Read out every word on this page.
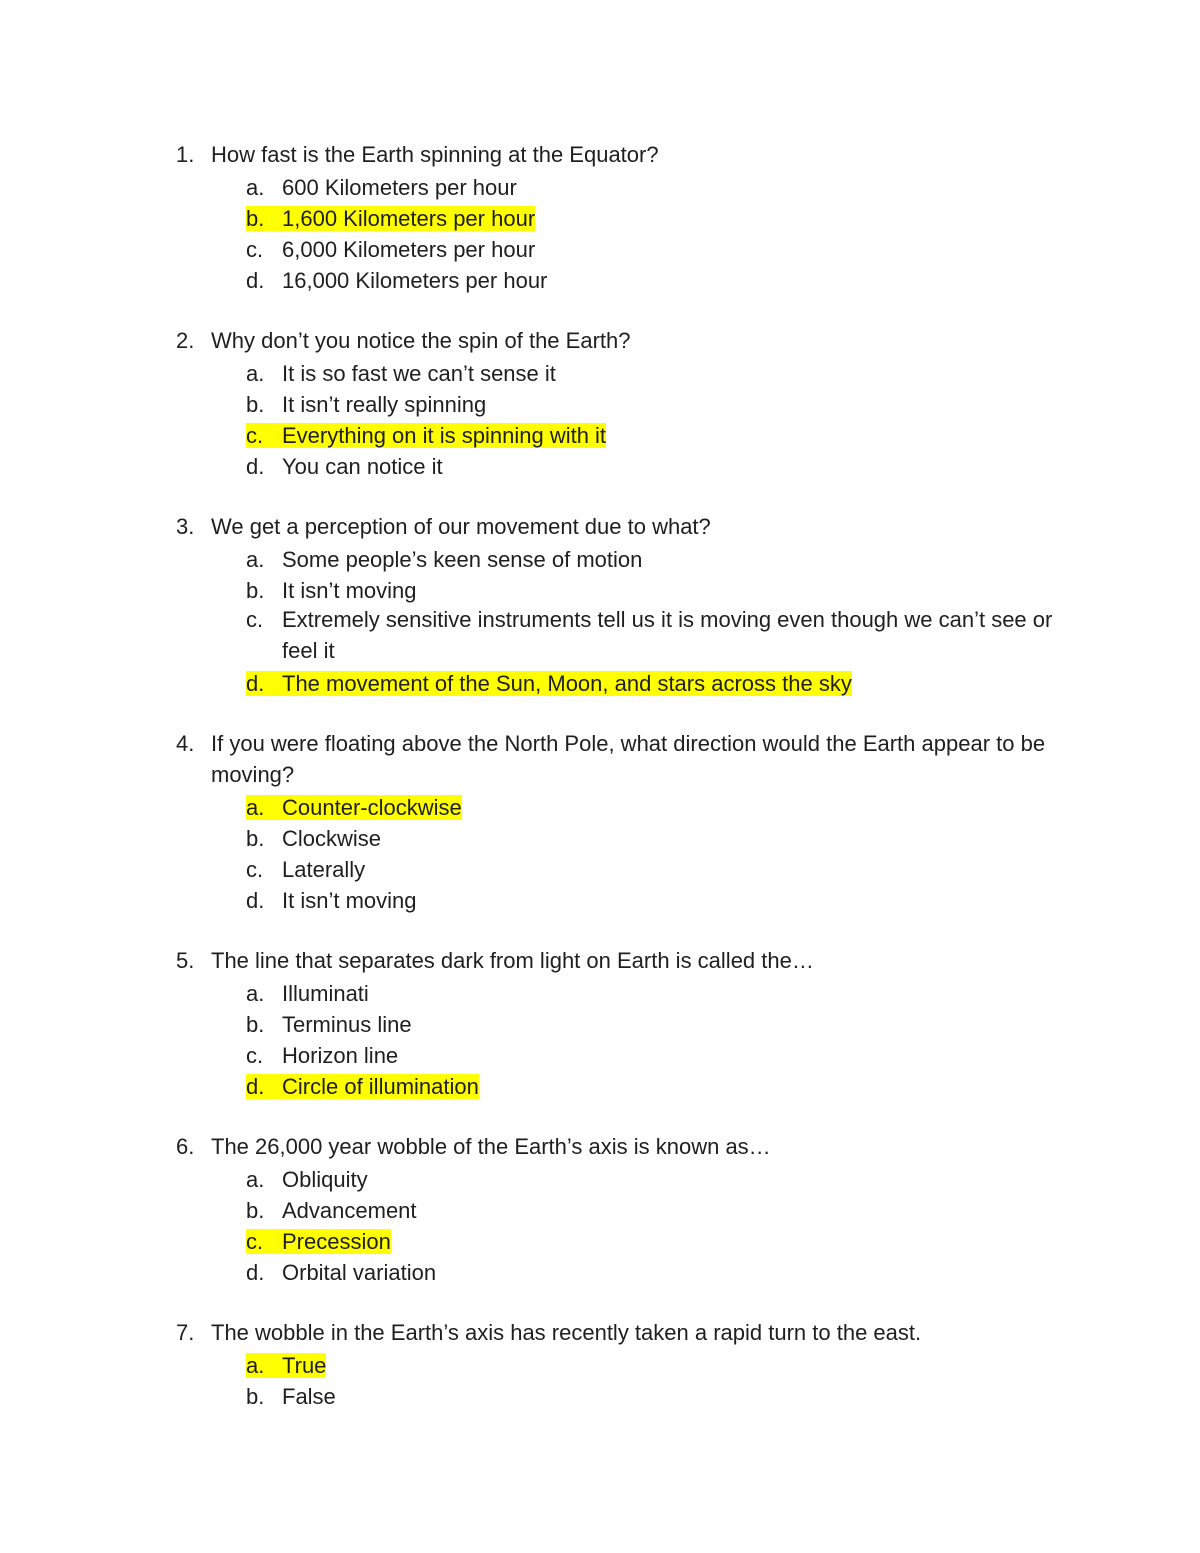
1. How fast is the Earth spinning at the Equator?
a. 600 Kilometers per hour
b. 1,600 Kilometers per hour
c. 6,000 Kilometers per hour
d. 16,000 Kilometers per hour
2. Why don’t you notice the spin of the Earth?
a. It is so fast we can’t sense it
b. It isn’t really spinning
c. Everything on it is spinning with it
d. You can notice it
3. We get a perception of our movement due to what?
a. Some people’s keen sense of motion
b. It isn’t moving
c. Extremely sensitive instruments tell us it is moving even though we can’t see or feel it
d. The movement of the Sun, Moon, and stars across the sky
4. If you were floating above the North Pole, what direction would the Earth appear to be moving?
a. Counter-clockwise
b. Clockwise
c. Laterally
d. It isn’t moving
5. The line that separates dark from light on Earth is called the…
a. Illuminati
b. Terminus line
c. Horizon line
d. Circle of illumination
6. The 26,000 year wobble of the Earth’s axis is known as…
a. Obliquity
b. Advancement
c. Precession
d. Orbital variation
7. The wobble in the Earth’s axis has recently taken a rapid turn to the east.
a. True
b. False
